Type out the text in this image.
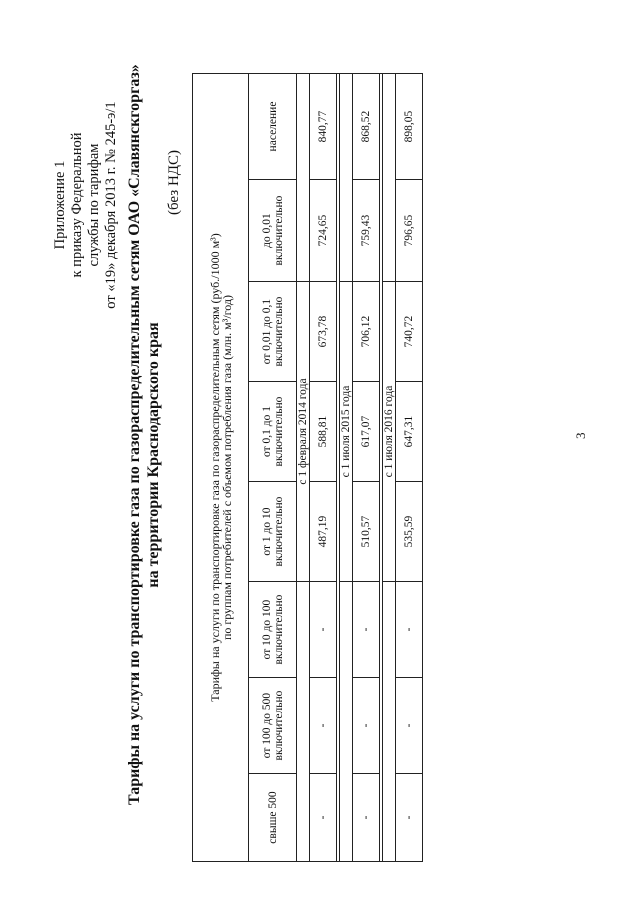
Приложение 1 к приказу Федеральной службы по тарифам от «19» декабря 2013 г. № 245-э/1 Тарифы на услуги по транспортировке газа по газораспределительным сетям ОАО «Славянскгоргаз» на территории Краснодарского края
(без НДС)
Тарифы на услуги по транспортировке газа по газораспределительным сетям (руб./1000 м³)
по группам потребителей с объемом потребления газа (млн. м³/год)							

свыше 500	от 100 до 500 включительно	от 10 до 100 включительно	от 1 до 10 включительно	от 0,1 до 1 включительно	от 0,01 до 0,1 включительно	до 0,01 включительно	население
			с 1 февраля 2014 года				
-	-	-	487,19	588,81	673,78	724,65	840,77

			с 1 июля 2015 года				
-	-	-	510,57	617,07	706,12	759,43	868,52

			с 1 июля 2016 года				
-	-	-	535,59	647,31	740,72	796,65	898,05
3
